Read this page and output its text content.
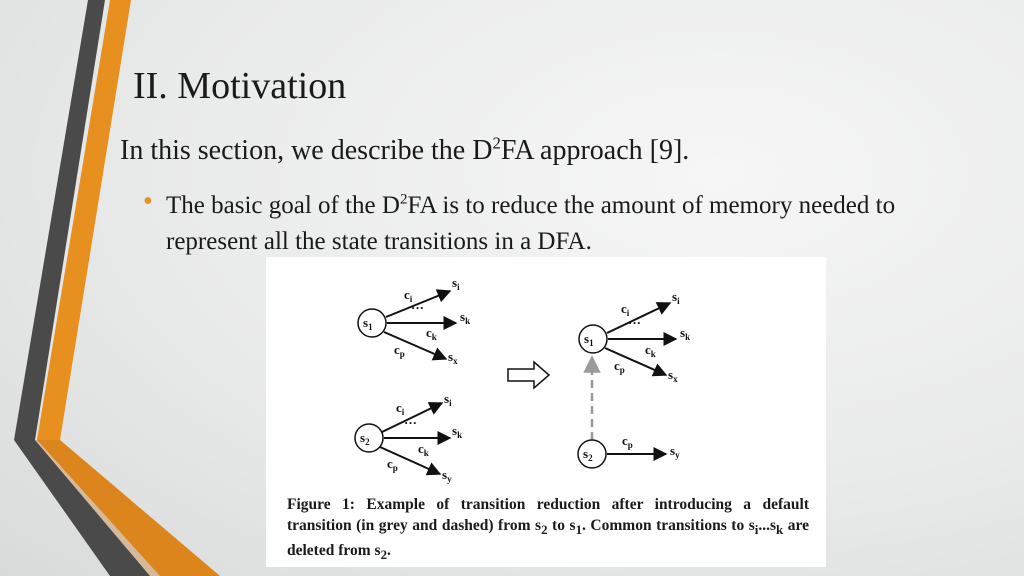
II. Motivation
In this section, we describe the $D^2FA$ approach [9].
• The basic goal of the $D^2FA$ is to reduce the amount of memory needed to represent all the state transitions in a DFA.
$s_1$
$c_i$
···
$c_k$
$c_p$
$s_i$
$s_k$
$s_x$
$s_2$
$c_i$
···
$c_k$
$c_p$
$s_i$
$s_k$
$s_y$
$s_1$
$c_i$
···
$c_k$
$c_p$
$s_i$
$s_k$
$s_x$
$s_2$
$c_p$	$s_y$
Figure 1: Example of transition reduction after introducing a default transition (in grey and dashed) from $s_2$ to $s_1$. Common transitions to $s_i...s_k$ are deleted from $s_2$.
